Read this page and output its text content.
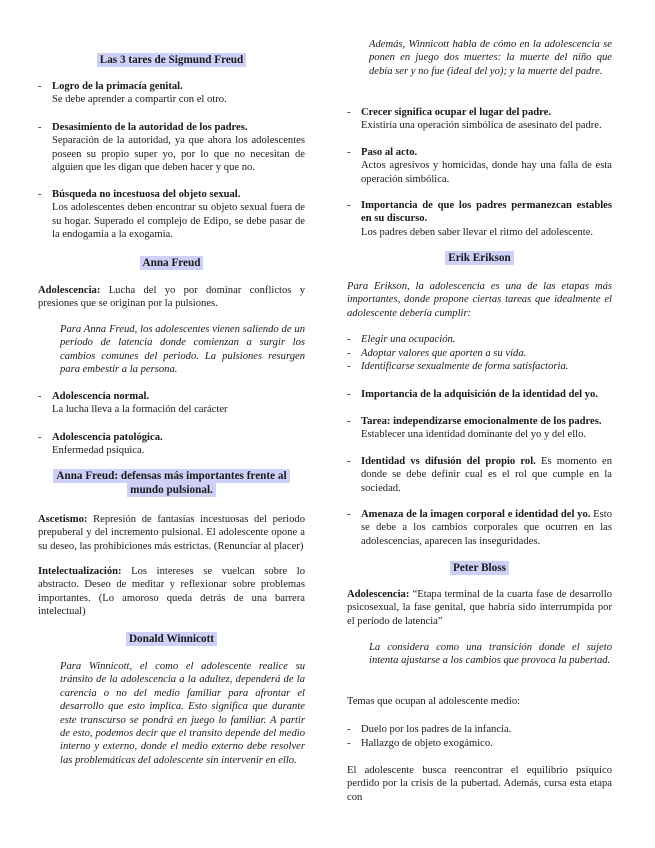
Las 3 tares de Sigmund Freud
- Logro de la primacía genital.
Se debe aprender a compartir con el otro.
- Desasimiento de la autoridad de los padres.
Separación de la autoridad, ya que ahora los adolescentes poseen su propio super yo, por lo que no necesitan de alguien que les digan que deben hacer y que no.
- Búsqueda no incestuosa del objeto sexual.
Los adolescentes deben encontrar su objeto sexual fuera de su hogar. Superado el complejo de Edipo, se debe pasar de la endogamia a la exogamia.
Anna Freud
Adolescencia: Lucha del yo por dominar conflictos y presiones que se originan por la pulsiones.
Para Anna Freud, los adolescentes vienen saliendo de un periodo de latencia donde comienzan a surgir los cambios comunes del periodo. La pulsiones resurgen para embestir a la persona.
- Adolescencia normal.
La lucha lleva a la formación del carácter
- Adolescencia patológica.
Enfermedad psíquica.
Anna Freud: defensas más importantes frente al
mundo pulsional.
Ascetismo: Represión de fantasías incestuosas del periodo prepuberal y del incremento pulsional. El adolescente opone a su deseo, las prohibiciones más estrictas. (Renunciar al placer)
Intelectualización: Los intereses se vuelcan sobre lo abstracto. Deseo de meditar y reflexionar sobre problemas importantes. (Lo amoroso queda detrás de una barrera intelectual)
Donald Winnicott
Para Winnicott, el como el adolescente realice su tránsito de la adolescencia a la adultez, dependerá de la carencia o no del medio familiar para afrontar el desarrollo que esto implica. Esto significa que durante este transcurso se pondrá en juego lo familiar. A partir de esto, podemos decir que el transito depende del medio interno y externo, donde el medio externo debe resolver las problemáticas del adolescente sin intervenir en ello.
Además, Winnicott habla de cómo en la adolescencia se ponen en juego dos muertes: la muerte del niño que debía ser y no fue (ideal del yo); y la muerte del padre.
- Crecer significa ocupar el lugar del padre.
Existiría una operación simbólica de asesinato del padre.
- Paso al acto.
Actos agresivos y homicidas, donde hay una falla de esta operación simbólica.
- Importancia de que los padres permanezcan estables en su discurso.
Los padres deben saber llevar el ritmo del adolescente.
Erik Erikson
Para Erikson, la adolescencia es una de las etapas más importantes, donde propone ciertas tareas que idealmente el adolescente debería cumplir:
- Elegir una ocupación.
- Adoptar valores que aporten a su vida.
- Identificarse sexualmente de forma satisfactoria.
- Importancia de la adquisición de la identidad del yo.
- Tarea: independizarse emocionalmente de los padres.
Establecer una identidad dominante del yo y del ello.
- Identidad vs difusión del propio rol. Es momento en donde se debe definir cual es el rol que cumple en la sociedad.
- Amenaza de la imagen corporal e identidad del yo. Esto se debe a los cambios corporales que ocurren en las adolescencias, aparecen las inseguridades.
Peter Bloss
Adolescencia: “Etapa terminal de la cuarta fase de desarrollo psicosexual, la fase genital, que habría sido interrumpida por el periodo de latencia”
La considera como una transición donde el sujeto intenta ajustarse a los cambios que provoca la pubertad.
Temas que ocupan al adolescente medio:
- Duelo por los padres de la infancia.
- Hallazgo de objeto exogámico.
El adolescente busca reencontrar el equilibrio psíquico perdido por la crisis de la pubertad. Además, cursa esta etapa con
